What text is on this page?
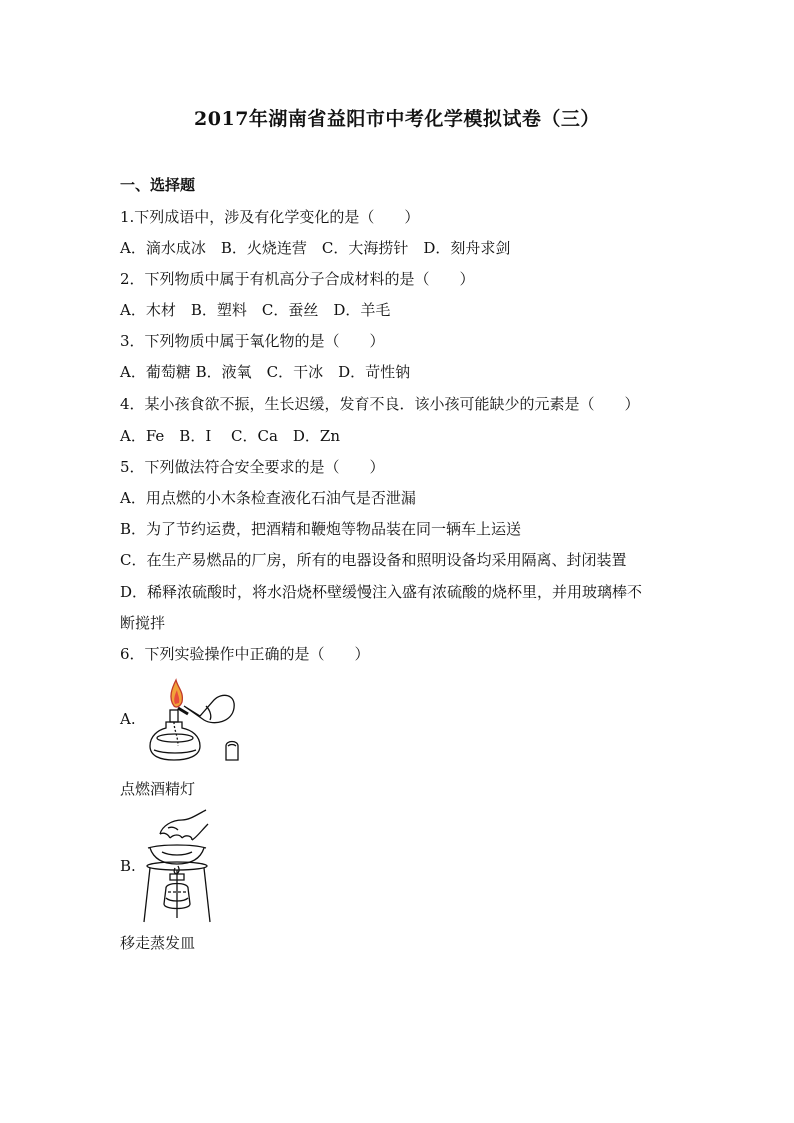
2017年湖南省益阳市中考化学模拟试卷（三）
一、选择题
1.下列成语中，涉及有化学变化的是（　　）
A．滴水成冰　B．火烧连营　C．大海捞针　D．刻舟求剑
2．下列物质中属于有机高分子合成材料的是（　　）
A．木材　B．塑料　C．蚕丝　D．羊毛
3．下列物质中属于氧化物的是（　　）
A．葡萄糖 B．液氧　C．干冰　D．苛性钠
4．某小孩食欲不振，生长迟缓，发育不良．该小孩可能缺少的元素是（　　）
A．Fe　B．I　 C．Ca　D．Zn
5．下列做法符合安全要求的是（　　）
A．用点燃的小木条检查液化石油气是否泄漏
B．为了节约运费，把酒精和鞭炮等物品装在同一辆车上运送
C．在生产易燃品的厂房，所有的电器设备和照明设备均采用隔离、封闭装置
D．稀释浓硫酸时，将水沿烧杯壁缓慢注入盛有浓硫酸的烧杯里，并用玻璃棒不
断搅拌
6．下列实验操作中正确的是（　　）
A.
点燃酒精灯
B.
移走蒸发皿
